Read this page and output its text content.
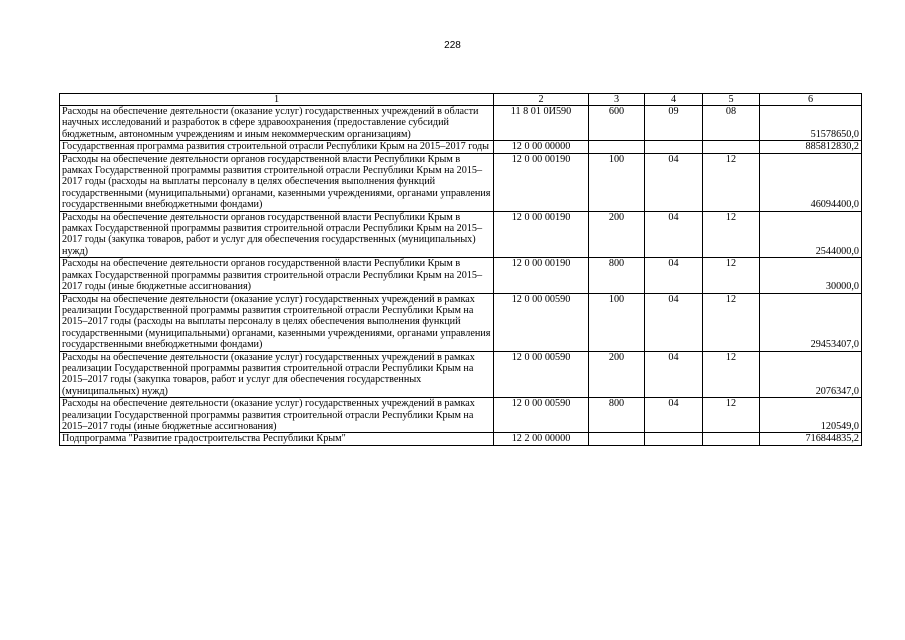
228
1	2	3	4	5	6
Расходы на обеспечение деятельности (оказание услуг) государственных учреждений в области научных исследований и разработок в сфере здравоохранения (предоставление субсидий бюджетным, автономным учреждениям и иным некоммерческим организациям)	11 8 01 0И590	600	09	08	51578650,0
Государственная программа развития строительной отрасли Республики Крым на 2015–2017 годы	12 0 00 00000				885812830,2
Расходы на обеспечение деятельности органов государственной власти Республики Крым в рамках Государственной программы развития строительной отрасли Республики Крым на 2015–2017 годы (расходы на выплаты персоналу в целях обеспечения выполнения функций государственными (муниципальными) органами, казенными учреждениями, органами управления государственными внебюджетными фондами)	12 0 00 00190	100	04	12	46094400,0
Расходы на обеспечение деятельности органов государственной власти Республики Крым в рамках Государственной программы развития строительной отрасли Республики Крым на 2015–2017 годы (закупка товаров, работ и услуг для обеспечения государственных (муниципальных) нужд)	12 0 00 00190	200	04	12	2544000,0
Расходы на обеспечение деятельности органов государственной власти Республики Крым в рамках Государственной программы развития строительной отрасли Республики Крым на 2015–2017 годы (иные бюджетные ассигнования)	12 0 00 00190	800	04	12	30000,0
Расходы на обеспечение деятельности (оказание услуг) государственных учреждений в рамках реализации Государственной программы развития строительной отрасли Республики Крым на 2015–2017 годы (расходы на выплаты персоналу в целях обеспечения выполнения функций государственными (муниципальными) органами, казенными учреждениями, органами управления государственными внебюджетными фондами)	12 0 00 00590	100	04	12	29453407,0
Расходы на обеспечение деятельности (оказание услуг) государственных учреждений в рамках реализации Государственной программы развития строительной отрасли Республики Крым на 2015–2017 годы (закупка товаров, работ и услуг для обеспечения государственных (муниципальных) нужд)	12 0 00 00590	200	04	12	2076347,0
Расходы на обеспечение деятельности (оказание услуг) государственных учреждений в рамках реализации Государственной программы развития строительной отрасли Республики Крым на 2015–2017 годы (иные бюджетные ассигнования)	12 0 00 00590	800	04	12	120549,0
Подпрограмма "Развитие градостроительства Республики Крым"	12 2 00 00000				716844835,2
